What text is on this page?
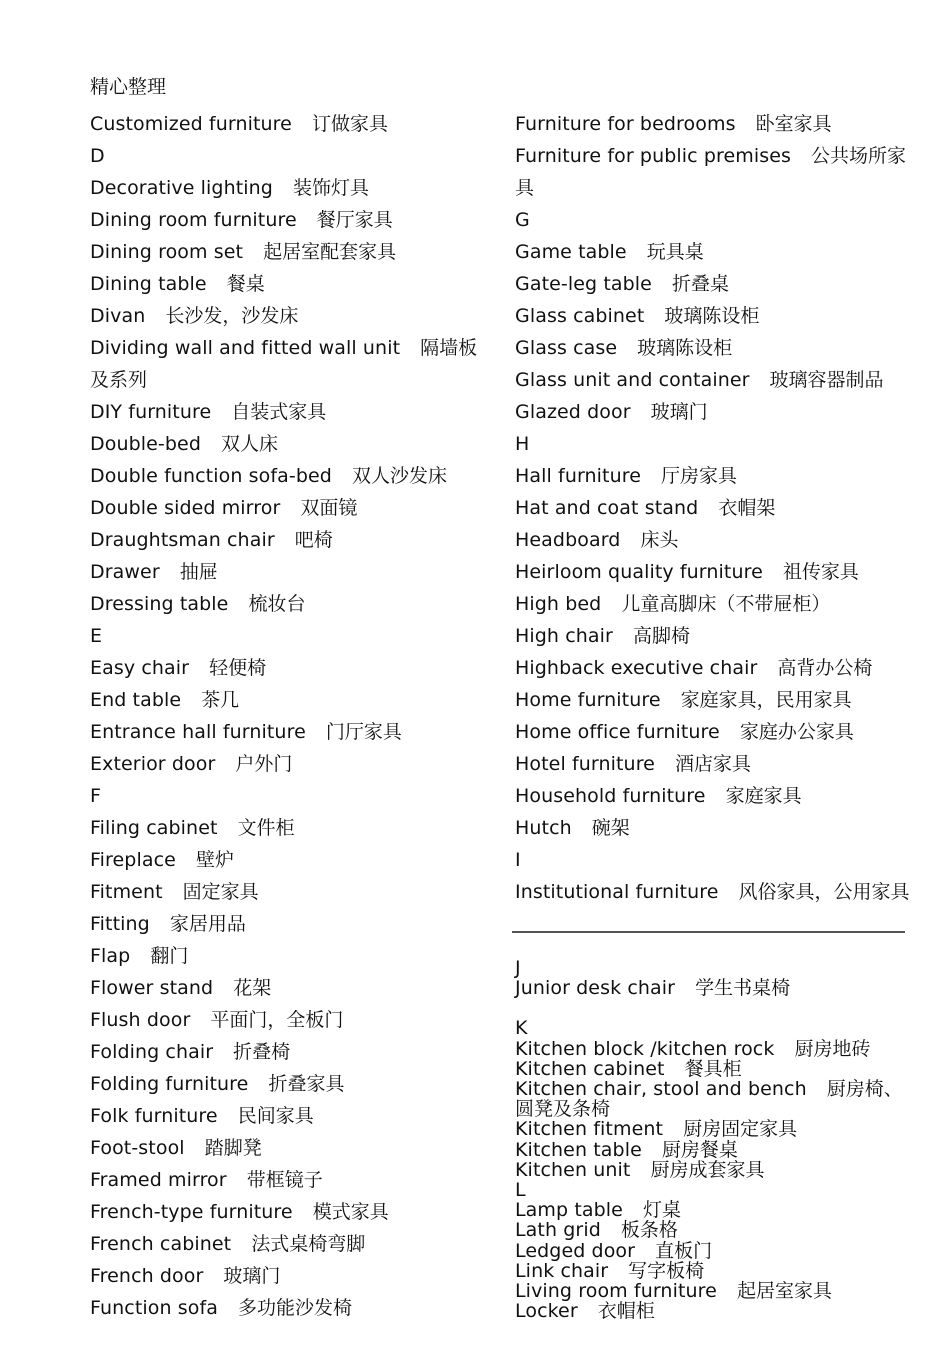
精心整理
Customized furniture 订做家具
D
Decorative lighting 装饰灯具
Dining room furniture 餐厅家具
Dining room set 起居室配套家具
Dining table 餐桌
Divan 长沙发，沙发床
Dividing wall and fitted wall unit 隔墙板及系列
DIY furniture 自装式家具
Double-bed 双人床
Double function sofa-bed 双人沙发床
Double sided mirror 双面镜
Draughtsman chair 吧椅
Drawer 抽屉
Dressing table 梳妆台
E
Easy chair 轻便椅
End table 茶几
Entrance hall furniture 门厅家具
Exterior door 户外门
F
Filing cabinet 文件柜
Fireplace 壁炉
Fitment 固定家具
Fitting 家居用品
Flap 翻门
Flower stand 花架
Flush door 平面门，全板门
Folding chair 折叠椅
Folding furniture 折叠家具
Folk furniture 民间家具
Foot-stool 踏脚凳
Framed mirror 带框镜子
French-type furniture 模式家具
French cabinet 法式桌椅弯脚
French door 玻璃门
Function sofa 多功能沙发椅
Furniture for bedrooms 卧室家具
Furniture for public premises 公共场所家具
G
Game table 玩具桌
Gate-leg table 折叠桌
Glass cabinet 玻璃陈设柜
Glass case 玻璃陈设柜
Glass unit and container 玻璃容器制品
Glazed door 玻璃门
H
Hall furniture 厅房家具
Hat and coat stand 衣帽架
Headboard 床头
Heirloom quality furniture 祖传家具
High bed 儿童高脚床（不带屉柜）
High chair 高脚椅
Highback executive chair 高背办公椅
Home furniture 家庭家具，民用家具
Home office furniture 家庭办公家具
Hotel furniture 酒店家具
Household furniture 家庭家具
Hutch 碗架
I
Institutional furniture 风俗家具，公用家具
J
Junior desk chair 学生书桌椅
K
Kitchen block /kitchen rock 厨房地砖
Kitchen cabinet 餐具柜
Kitchen chair, stool and bench 厨房椅、圆凳及条椅
Kitchen fitment 厨房固定家具
Kitchen table 厨房餐桌
Kitchen unit 厨房成套家具
L
Lamp table 灯桌
Lath grid 板条格
Ledged door 直板门
Link chair 写字板椅
Living room furniture 起居室家具
Locker 衣帽柜
